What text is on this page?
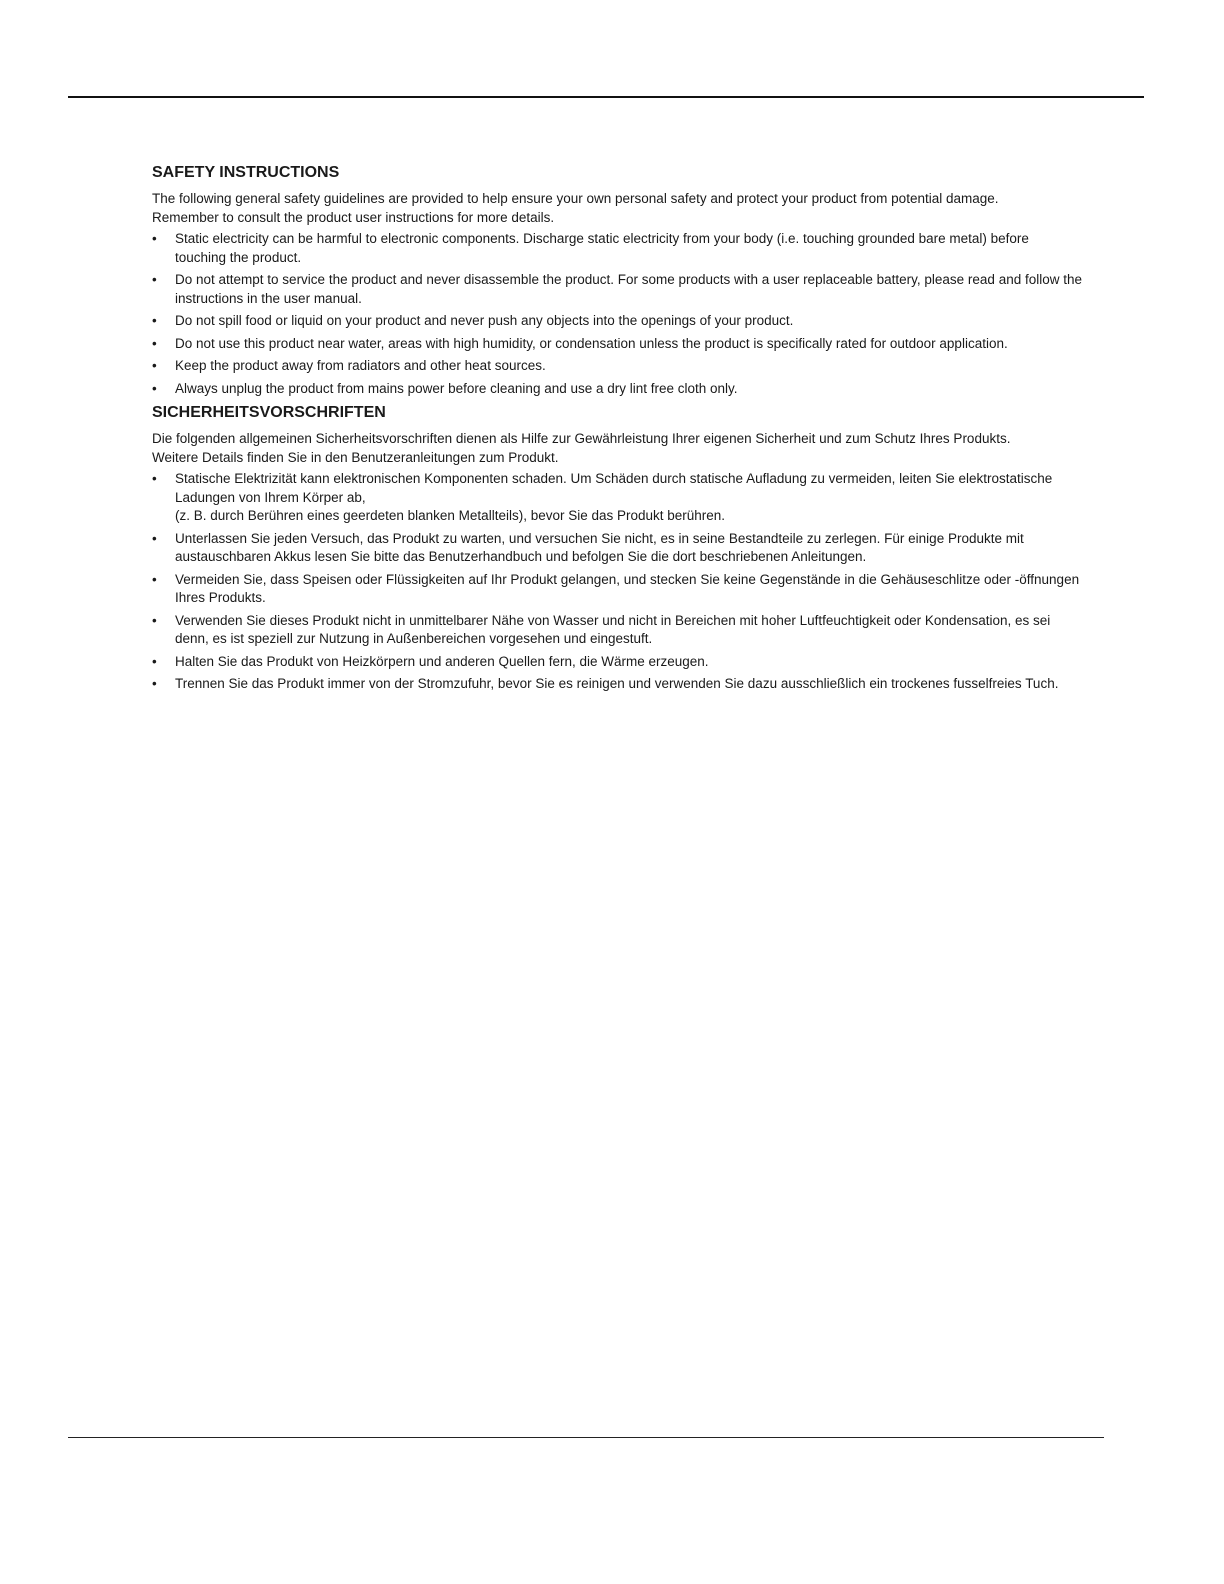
SAFETY INSTRUCTIONS

The following general safety guidelines are provided to help ensure your own personal safety and protect your product from potential damage.
Remember to consult the product user instructions for more details.

• Static electricity can be harmful to electronic components. Discharge static electricity from your body (i.e. touching grounded bare metal) before touching the product.
• Do not attempt to service the product and never disassemble the product. For some products with a user replaceable battery, please read and follow the instructions in the user manual.
• Do not spill food or liquid on your product and never push any objects into the openings of your product.
• Do not use this product near water, areas with high humidity, or condensation unless the product is specifically rated for outdoor application.
• Keep the product away from radiators and other heat sources.
• Always unplug the product from mains power before cleaning and use a dry lint free cloth only.
SICHERHEITSVORSCHRIFTEN

Die folgenden allgemeinen Sicherheitsvorschriften dienen als Hilfe zur Gewährleistung Ihrer eigenen Sicherheit und zum Schutz Ihres Produkts.
Weitere Details finden Sie in den Benutzeranleitungen zum Produkt.

• Statische Elektrizität kann elektronischen Komponenten schaden. Um Schäden durch statische Aufladung zu vermeiden, leiten Sie elektrostatische Ladungen von Ihrem Körper ab,
(z. B. durch Berühren eines geerdeten blanken Metallteils), bevor Sie das Produkt berühren.
• Unterlassen Sie jeden Versuch, das Produkt zu warten, und versuchen Sie nicht, es in seine Bestandteile zu zerlegen. Für einige Produkte mit austauschbaren Akkus lesen Sie bitte das Benutzerhandbuch und befolgen Sie die dort beschriebenen Anleitungen.
• Vermeiden Sie, dass Speisen oder Flüssigkeiten auf Ihr Produkt gelangen, und stecken Sie keine Gegenstände in die Gehäuseschlitze oder -öffnungen Ihres Produkts.
• Verwenden Sie dieses Produkt nicht in unmittelbarer Nähe von Wasser und nicht in Bereichen mit hoher Luftfeuchtigkeit oder Kondensation, es sei denn, es ist speziell zur Nutzung in Außenbereichen vorgesehen und eingestuft.
• Halten Sie das Produkt von Heizkörpern und anderen Quellen fern, die Wärme erzeugen.
• Trennen Sie das Produkt immer von der Stromzufuhr, bevor Sie es reinigen und verwenden Sie dazu ausschließlich ein trockenes fusselfreies Tuch.
